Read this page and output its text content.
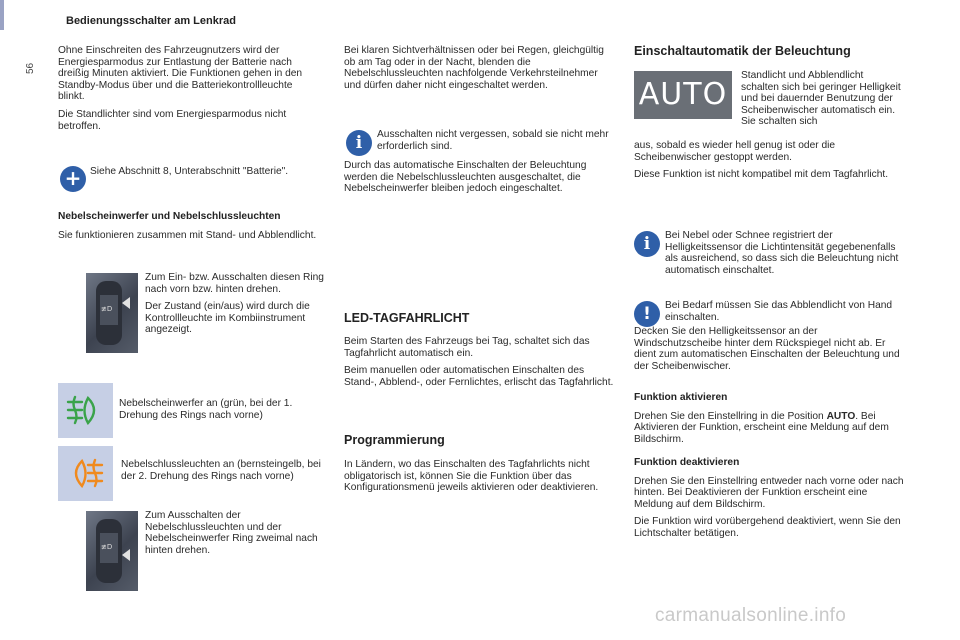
Bedienungsschalter am Lenkrad
56

Ohne Einschreiten des Fahrzeugnutzers wird der Energiesparmodus zur Entlastung der Batterie nach dreißig Minuten aktiviert. Die Funktionen gehen in den Standby-Modus über und die Batteriekontrollleuchte blinkt.

Die Standlichter sind vom Energiesparmodus nicht betroffen.

+ Siehe Abschnitt 8, Unterabschnitt "Batterie".
Nebelscheinwerfer und Nebelschlussleuchten

Sie funktionieren zusammen mit Stand- und Abblendlicht.

≢D

Zum Ein- bzw. Ausschalten diesen Ring nach vorn bzw. hinten drehen.

Der Zustand (ein/aus) wird durch die Kontrollleuchte im Kombiinstrument angezeigt.

Nebelscheinwerfer an (grün, bei der 1. Drehung des Rings nach vorne)
Nebelschlussleuchten an (bernsteingelb, bei der 2. Drehung des Rings nach vorne)
≢D
Zum Ausschalten der Nebelschlussleuchten und der Nebelscheinwerfer Ring zweimal nach hinten drehen.
Bei klaren Sichtverhältnissen oder bei Regen, gleichgültig ob am Tag oder in der Nacht, blenden die Nebelschlussleuchten nachfolgende Verkehrsteilnehmer und dürfen daher nicht eingeschaltet werden.
i	Ausschalten nicht vergessen, sobald sie nicht mehr erforderlich sind.
Durch das automatische Einschalten der Beleuchtung werden die Nebelschlussleuchten ausgeschaltet, die Nebelscheinwerfer bleiben jedoch eingeschaltet.
LED-TAGFAHRLICHT

Beim Starten des Fahrzeugs bei Tag, schaltet sich das Tagfahrlicht automatisch ein.

Beim manuellen oder automatischen Einschalten des Stand-, Abblend-, oder Fernlichtes, erlischt das Tagfahrlicht.

Programmierung

In Ländern, wo das Einschalten des Tagfahrlichts nicht obligatorisch ist, können Sie die Funktion über das Konfigurationsmenü jeweils aktivieren oder deaktivieren.

Einschaltautomatik der Beleuchtung
AUTO
Standlicht und Abblendlicht schalten sich bei geringer Helligkeit und bei dauernder Benutzung der Scheibenwischer automatisch ein. Sie schalten sich

aus, sobald es wieder hell genug ist oder die Scheibenwischer gestoppt werden.

Diese Funktion ist nicht kompatibel mit dem Tagfahrlicht.

i	Bei Nebel oder Schnee registriert der Helligkeitssensor die Lichtintensität gegebenenfalls als ausreichend, so dass sich die Beleuchtung nicht automatisch einschaltet.
!	Bei Bedarf müssen Sie das Abblendlicht von Hand einschalten.
Decken Sie den Helligkeitssensor an der Windschutzscheibe hinter dem Rückspiegel nicht ab. Er dient zum automatischen Einschalten der Beleuchtung und der Scheibenwischer.
Funktion aktivieren

Drehen Sie den Einstellring in die Position AUTO. Bei Aktivieren der Funktion, erscheint eine Meldung auf dem Bildschirm.

Funktion deaktivieren

Drehen Sie den Einstellring entweder nach vorne oder nach hinten. Bei Deaktivieren der Funktion erscheint eine Meldung auf dem Bildschirm.

Die Funktion wird vorübergehend deaktiviert, wenn Sie den Lichtschalter betätigen.

carmanualsonline.info
